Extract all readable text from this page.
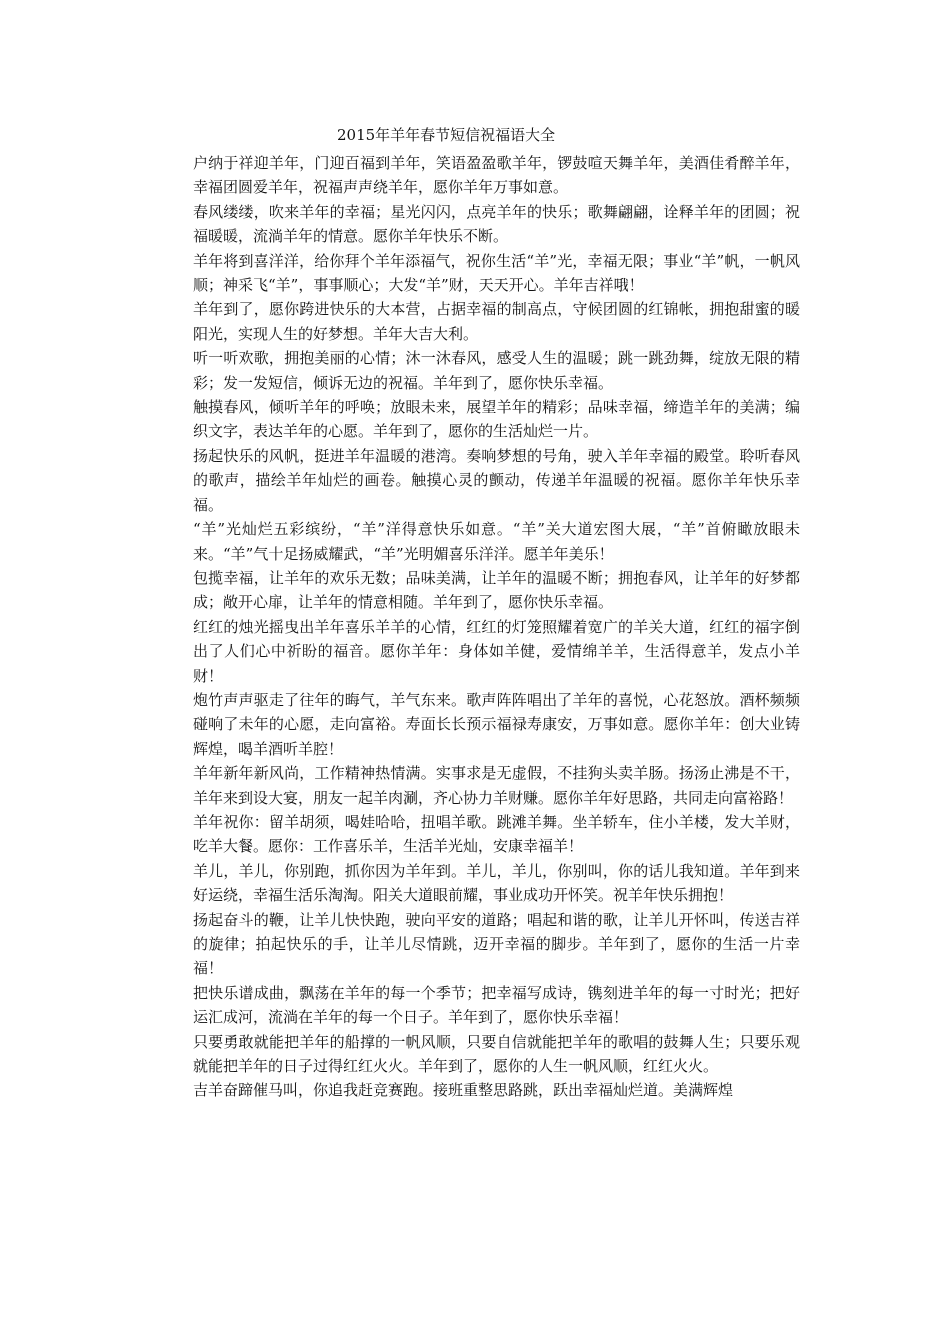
2015年羊年春节短信祝福语大全

户纳于祥迎羊年，门迎百福到羊年，笑语盈盈歌羊年，锣鼓喧天舞羊年，美酒佳肴醉羊年，幸福团圆爱羊年，祝福声声绕羊年，愿你羊年万事如意。

春风缕缕，吹来羊年的幸福；星光闪闪，点亮羊年的快乐；歌舞翩翩，诠释羊年的团圆；祝福暖暖，流淌羊年的情意。愿你羊年快乐不断。

羊年将到喜洋洋，给你拜个羊年添福气，祝你生活“羊”光，幸福无限；事业“羊”帆，一帆风顺；神采飞“羊”，事事顺心；大发“羊”财，天天开心。羊年吉祥哦！

羊年到了，愿你跨进快乐的大本营，占据幸福的制高点，守候团圆的红锦帐，拥抱甜蜜的暖阳光，实现人生的好梦想。羊年大吉大利。

听一听欢歌，拥抱美丽的心情；沐一沐春风，感受人生的温暖；跳一跳劲舞，绽放无限的精彩；发一发短信，倾诉无边的祝福。羊年到了，愿你快乐幸福。

触摸春风，倾听羊年的呼唤；放眼未来，展望羊年的精彩；品味幸福，缔造羊年的美满；编织文字，表达羊年的心愿。羊年到了，愿你的生活灿烂一片。

扬起快乐的风帆，挺进羊年温暖的港湾。奏响梦想的号角，驶入羊年幸福的殿堂。聆听春风的歌声，描绘羊年灿烂的画卷。触摸心灵的颤动，传递羊年温暖的祝福。愿你羊年快乐幸福。

“羊”光灿烂五彩缤纷，“羊”洋得意快乐如意。“羊”关大道宏图大展，“羊”首俯瞰放眼未来。“羊”气十足扬威耀武，“羊”光明媚喜乐洋洋。愿羊年美乐！

包揽幸福，让羊年的欢乐无数；品味美满，让羊年的温暖不断；拥抱春风，让羊年的好梦都成；敞开心扉，让羊年的情意相随。羊年到了，愿你快乐幸福。

红红的烛光摇曳出羊年喜乐羊羊的心情，红红的灯笼照耀着宽广的羊关大道，红红的福字倒出了人们心中祈盼的福音。愿你羊年：身体如羊健，爱情绵羊羊，生活得意羊，发点小羊财！

炮竹声声驱走了往年的晦气，羊气东来。歌声阵阵唱出了羊年的喜悦，心花怒放。酒杯频频碰响了未年的心愿，走向富裕。寿面长长预示福禄寿康安，万事如意。愿你羊年：创大业铸辉煌，喝羊酒听羊腔！

羊年新年新风尚，工作精神热情满。实事求是无虚假，不挂狗头卖羊肠。扬汤止沸是不干，羊年来到设大宴，朋友一起羊肉涮，齐心协力羊财赚。愿你羊年好思路，共同走向富裕路！

羊年祝你：留羊胡须，喝娃哈哈，扭唱羊歌。跳滩羊舞。坐羊轿车，住小羊楼，发大羊财，吃羊大餐。愿你：工作喜乐羊，生活羊光灿，安康幸福羊！

羊儿，羊儿，你别跑，抓你因为羊年到。羊儿，羊儿，你别叫，你的话儿我知道。羊年到来好运绕，幸福生活乐淘淘。阳关大道眼前耀，事业成功开怀笑。祝羊年快乐拥抱！

扬起奋斗的鞭，让羊儿快快跑，驶向平安的道路；唱起和谐的歌，让羊儿开怀叫，传送吉祥的旋律；拍起快乐的手，让羊儿尽情跳，迈开幸福的脚步。羊年到了，愿你的生活一片幸福！

把快乐谱成曲，飘荡在羊年的每一个季节；把幸福写成诗，镌刻进羊年的每一寸时光；把好运汇成河，流淌在羊年的每一个日子。羊年到了，愿你快乐幸福！

只要勇敢就能把羊年的船撑的一帆风顺，只要自信就能把羊年的歌唱的鼓舞人生；只要乐观就能把羊年的日子过得红红火火。羊年到了，愿你的人生一帆风顺，红红火火。

吉羊奋蹄催马叫，你追我赶竞赛跑。接班重整思路跳，跃出幸福灿烂道。美满辉煌
